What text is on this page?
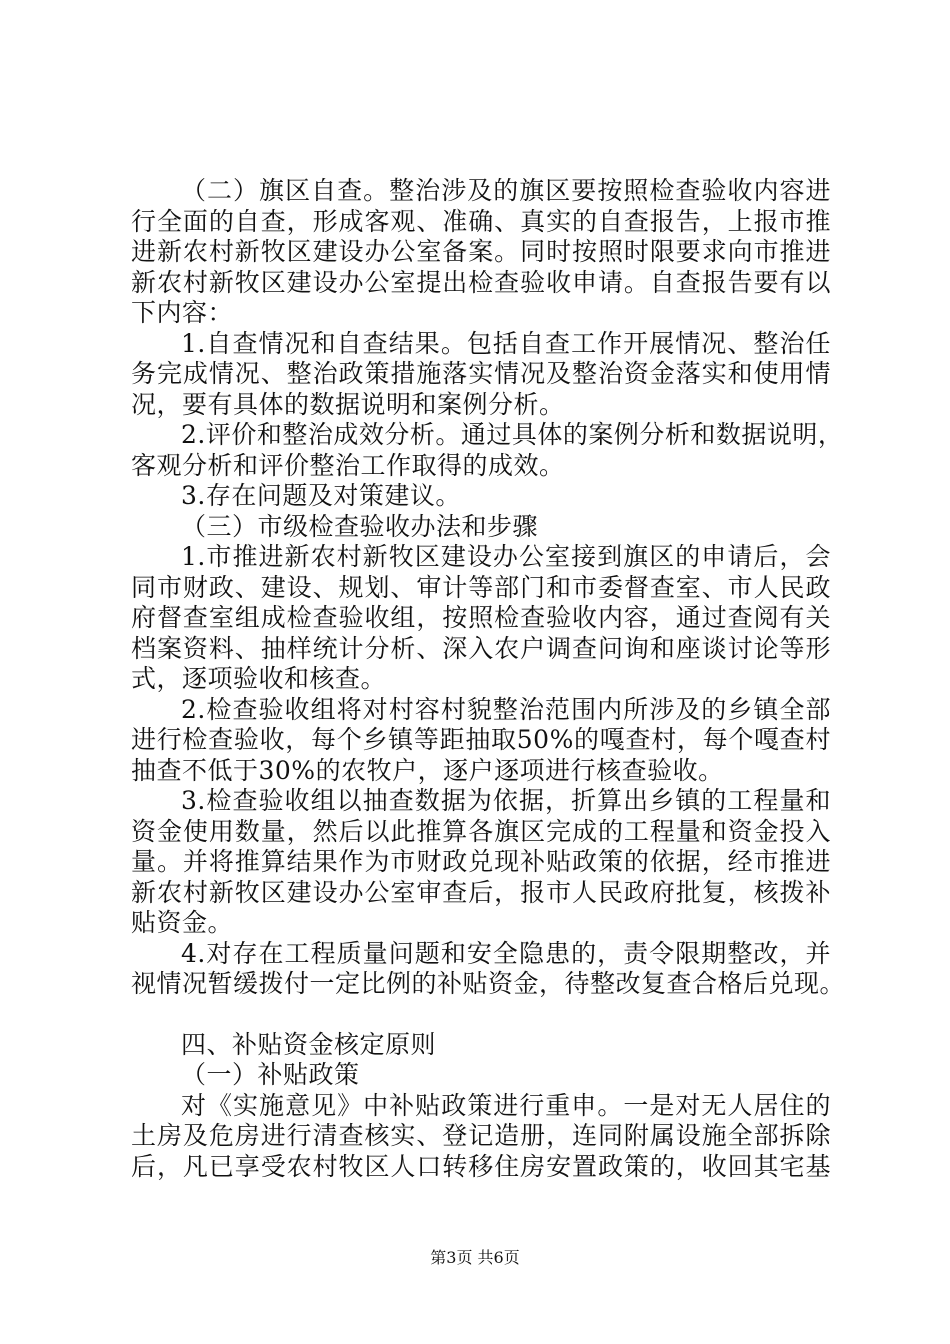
（二）旗区自查。整治涉及的旗区要按照检查验收内容进
行全面的自查，形成客观、准确、真实的自查报告，上报市推
进新农村新牧区建设办公室备案。同时按照时限要求向市推进
新农村新牧区建设办公室提出检查验收申请。自查报告要有以
下内容：
1.自查情况和自查结果。包括自查工作开展情况、整治任
务完成情况、整治政策措施落实情况及整治资金落实和使用情
况，要有具体的数据说明和案例分析。
2.评价和整治成效分析。通过具体的案例分析和数据说明，
客观分析和评价整治工作取得的成效。
3.存在问题及对策建议。
（三）市级检查验收办法和步骤
1.市推进新农村新牧区建设办公室接到旗区的申请后，会
同市财政、建设、规划、审计等部门和市委督查室、市人民政
府督查室组成检查验收组，按照检查验收内容，通过查阅有关
档案资料、抽样统计分析、深入农户调查问询和座谈讨论等形
式，逐项验收和核查。
2.检查验收组将对村容村貌整治范围内所涉及的乡镇全部
进行检查验收，每个乡镇等距抽取50%的嘎查村，每个嘎查村
抽查不低于30%的农牧户，逐户逐项进行核查验收。
3.检查验收组以抽查数据为依据，折算出乡镇的工程量和
资金使用数量，然后以此推算各旗区完成的工程量和资金投入
量。并将推算结果作为市财政兑现补贴政策的依据，经市推进
新农村新牧区建设办公室审查后，报市人民政府批复，核拨补
贴资金。
4.对存在工程质量问题和安全隐患的，责令限期整改，并
视情况暂缓拨付一定比例的补贴资金，待整改复查合格后兑现。
四、补贴资金核定原则
（一）补贴政策
对《实施意见》中补贴政策进行重申。一是对无人居住的
土房及危房进行清查核实、登记造册，连同附属设施全部拆除
后，凡已享受农村牧区人口转移住房安置政策的，收回其宅基
第3页 共6页
